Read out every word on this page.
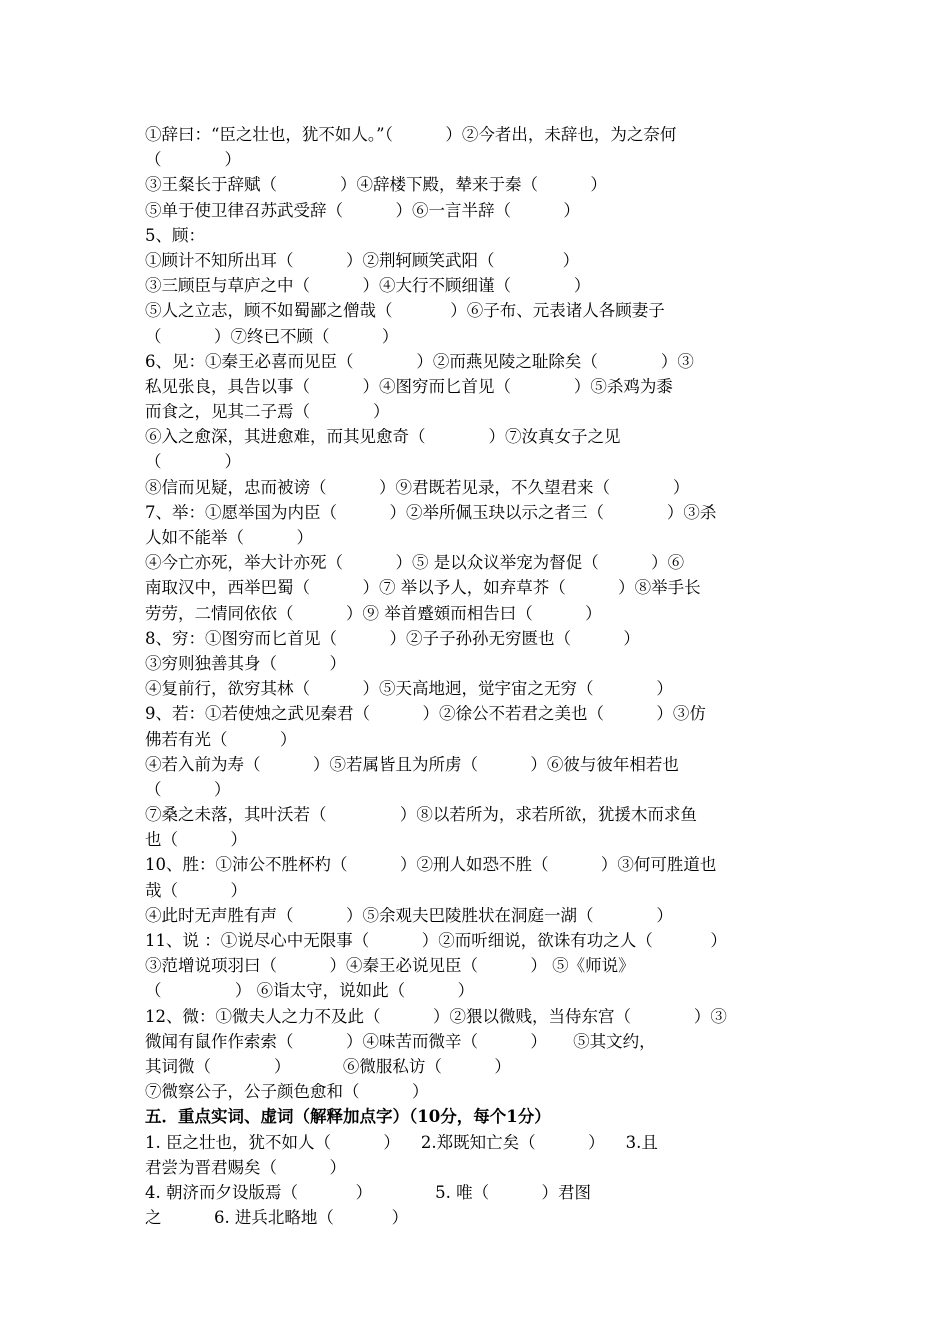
①辞曰：“臣之壮也，犹不如人。”（          ）②今者出，未辞也，为之奈何
（            ）
③王粲长于辞赋（            ）④辞楼下殿，辇来于秦（          ）
⑤单于使卫律召苏武受辞（          ）⑥一言半辞（          ）
5、顾：
①顾计不知所出耳（          ）②荆轲顾笑武阳（             ）
③三顾臣与草庐之中（          ）④大行不顾细谨（            ）
⑤人之立志，顾不如蜀鄙之僧哉（           ）⑥子布、元表诸人各顾妻子
（          ）⑦终已不顾（          ）
6、见：①秦王必喜而见臣（            ）②而燕见陵之耻除矣（            ）③
私见张良，具告以事（          ）④图穷而匕首见（            ）⑤杀鸡为黍
而食之，见其二子焉（            ）
⑥入之愈深，其进愈难，而其见愈奇（            ）⑦汝真女子之见
（            ）
⑧信而见疑，忠而被谤（          ）⑨君既若见录，不久望君来（            ）
7、举：①愿举国为内臣（          ）②举所佩玉玦以示之者三（            ）③杀
人如不能举（          ）
④今亡亦死，举大计亦死（          ）⑤ 是以众议举宠为督促（          ）⑥
南取汉中，西举巴蜀（          ）⑦ 举以予人，如弃草芥（          ）⑧举手长
劳劳，二情同依依（          ）⑨ 举首蹙頞而相告曰（          ）
8、穷：①图穷而匕首见（          ）②子子孙孙无穷匮也（          ）
③穷则独善其身（          ）
④复前行，欲穷其林（          ）⑤天高地迥，觉宇宙之无穷（            ）
9、若：①若使烛之武见秦君（          ）②徐公不若君之美也（          ）③仿
佛若有光（          ）
④若入前为寿（          ）⑤若属皆且为所虏（          ）⑥彼与彼年相若也
（          ）
⑦桑之未落，其叶沃若（              ）⑧以若所为，求若所欲，犹援木而求鱼
也（          ）
10、胜：①沛公不胜杯杓（          ）②刑人如恐不胜（          ）③何可胜道也
哉（          ）
④此时无声胜有声（          ）⑤余观夫巴陵胜状在洞庭一湖（            ）
11、说 ：①说尽心中无限事（          ）②而听细说，欲诛有功之人（           ）
③范增说项羽曰（          ）④秦王必说见臣（          ） ⑤《师说》
（              ） ⑥诣太守，说如此（          ）
12、微：①微夫人之力不及此（          ）②猥以微贱，当侍东宫（            ）③
微闻有鼠作作索索（          ）④味苦而微辛（          ）     ⑤其文约，
其词微（            ）          ⑥微服私访（          ）
⑦微察公子，公子颜色愈和（          ）
五．重点实词、虚词（解释加点字）（10分，每个1分）
1. 臣之壮也，犹不如人（          ）    2.郑既知亡矣（          ）    3.且
君尝为晋君赐矣（          ）
4. 朝济而夕设版焉（           ）            5. 唯（          ）君图
之          6. 进兵北略地（           ）
